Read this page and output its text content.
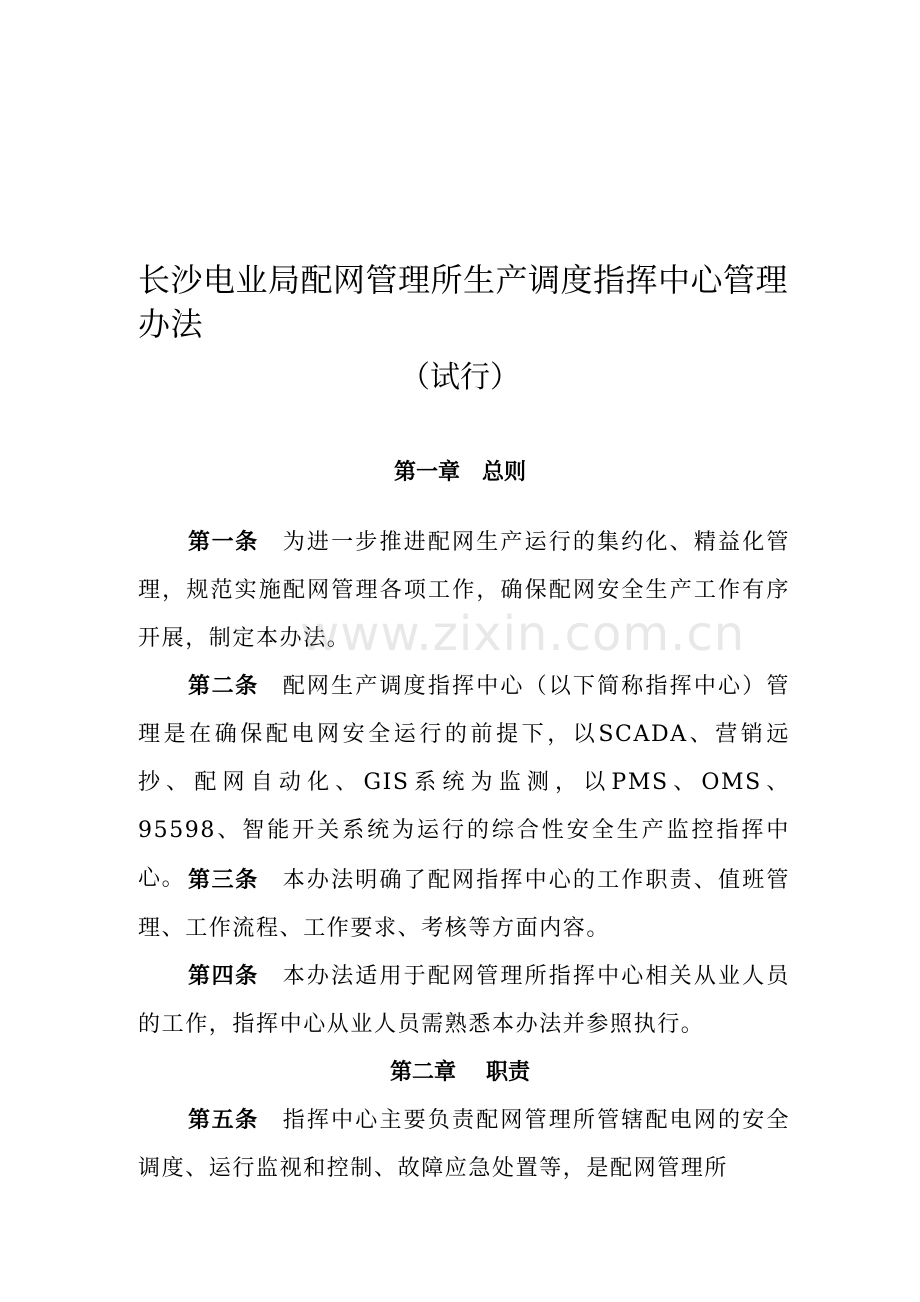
长沙电业局配网管理所生产调度指挥中心管理办法
（试行）
第一章 总则

第一条 为进一步推进配网生产运行的集约化、精益化管理，规范实施配网管理各项工作，确保配网安全生产工作有序开展，制定本办法。

第二条 配网生产调度指挥中心（以下简称指挥中心）管理是在确保配电网安全运行的前提下，以SCADA、营销远抄、配网自动化、GIS系统为监测，以PMS、OMS、95598、智能开关系统为运行的综合性安全生产监控指挥中心。 第三条 本办法明确了配网指挥中心的工作职责、值班管理、工作流程、工作要求、考核等方面内容。

第四条 本办法适用于配网管理所指挥中心相关从业人员的工作，指挥中心从业人员需熟悉本办法并参照执行。

第二章 职责

第五条 指挥中心主要负责配网管理所管辖配电网的安全调度、运行监视和控制、故障应急处置等，是配网管理所

www.zixin.com.cn
